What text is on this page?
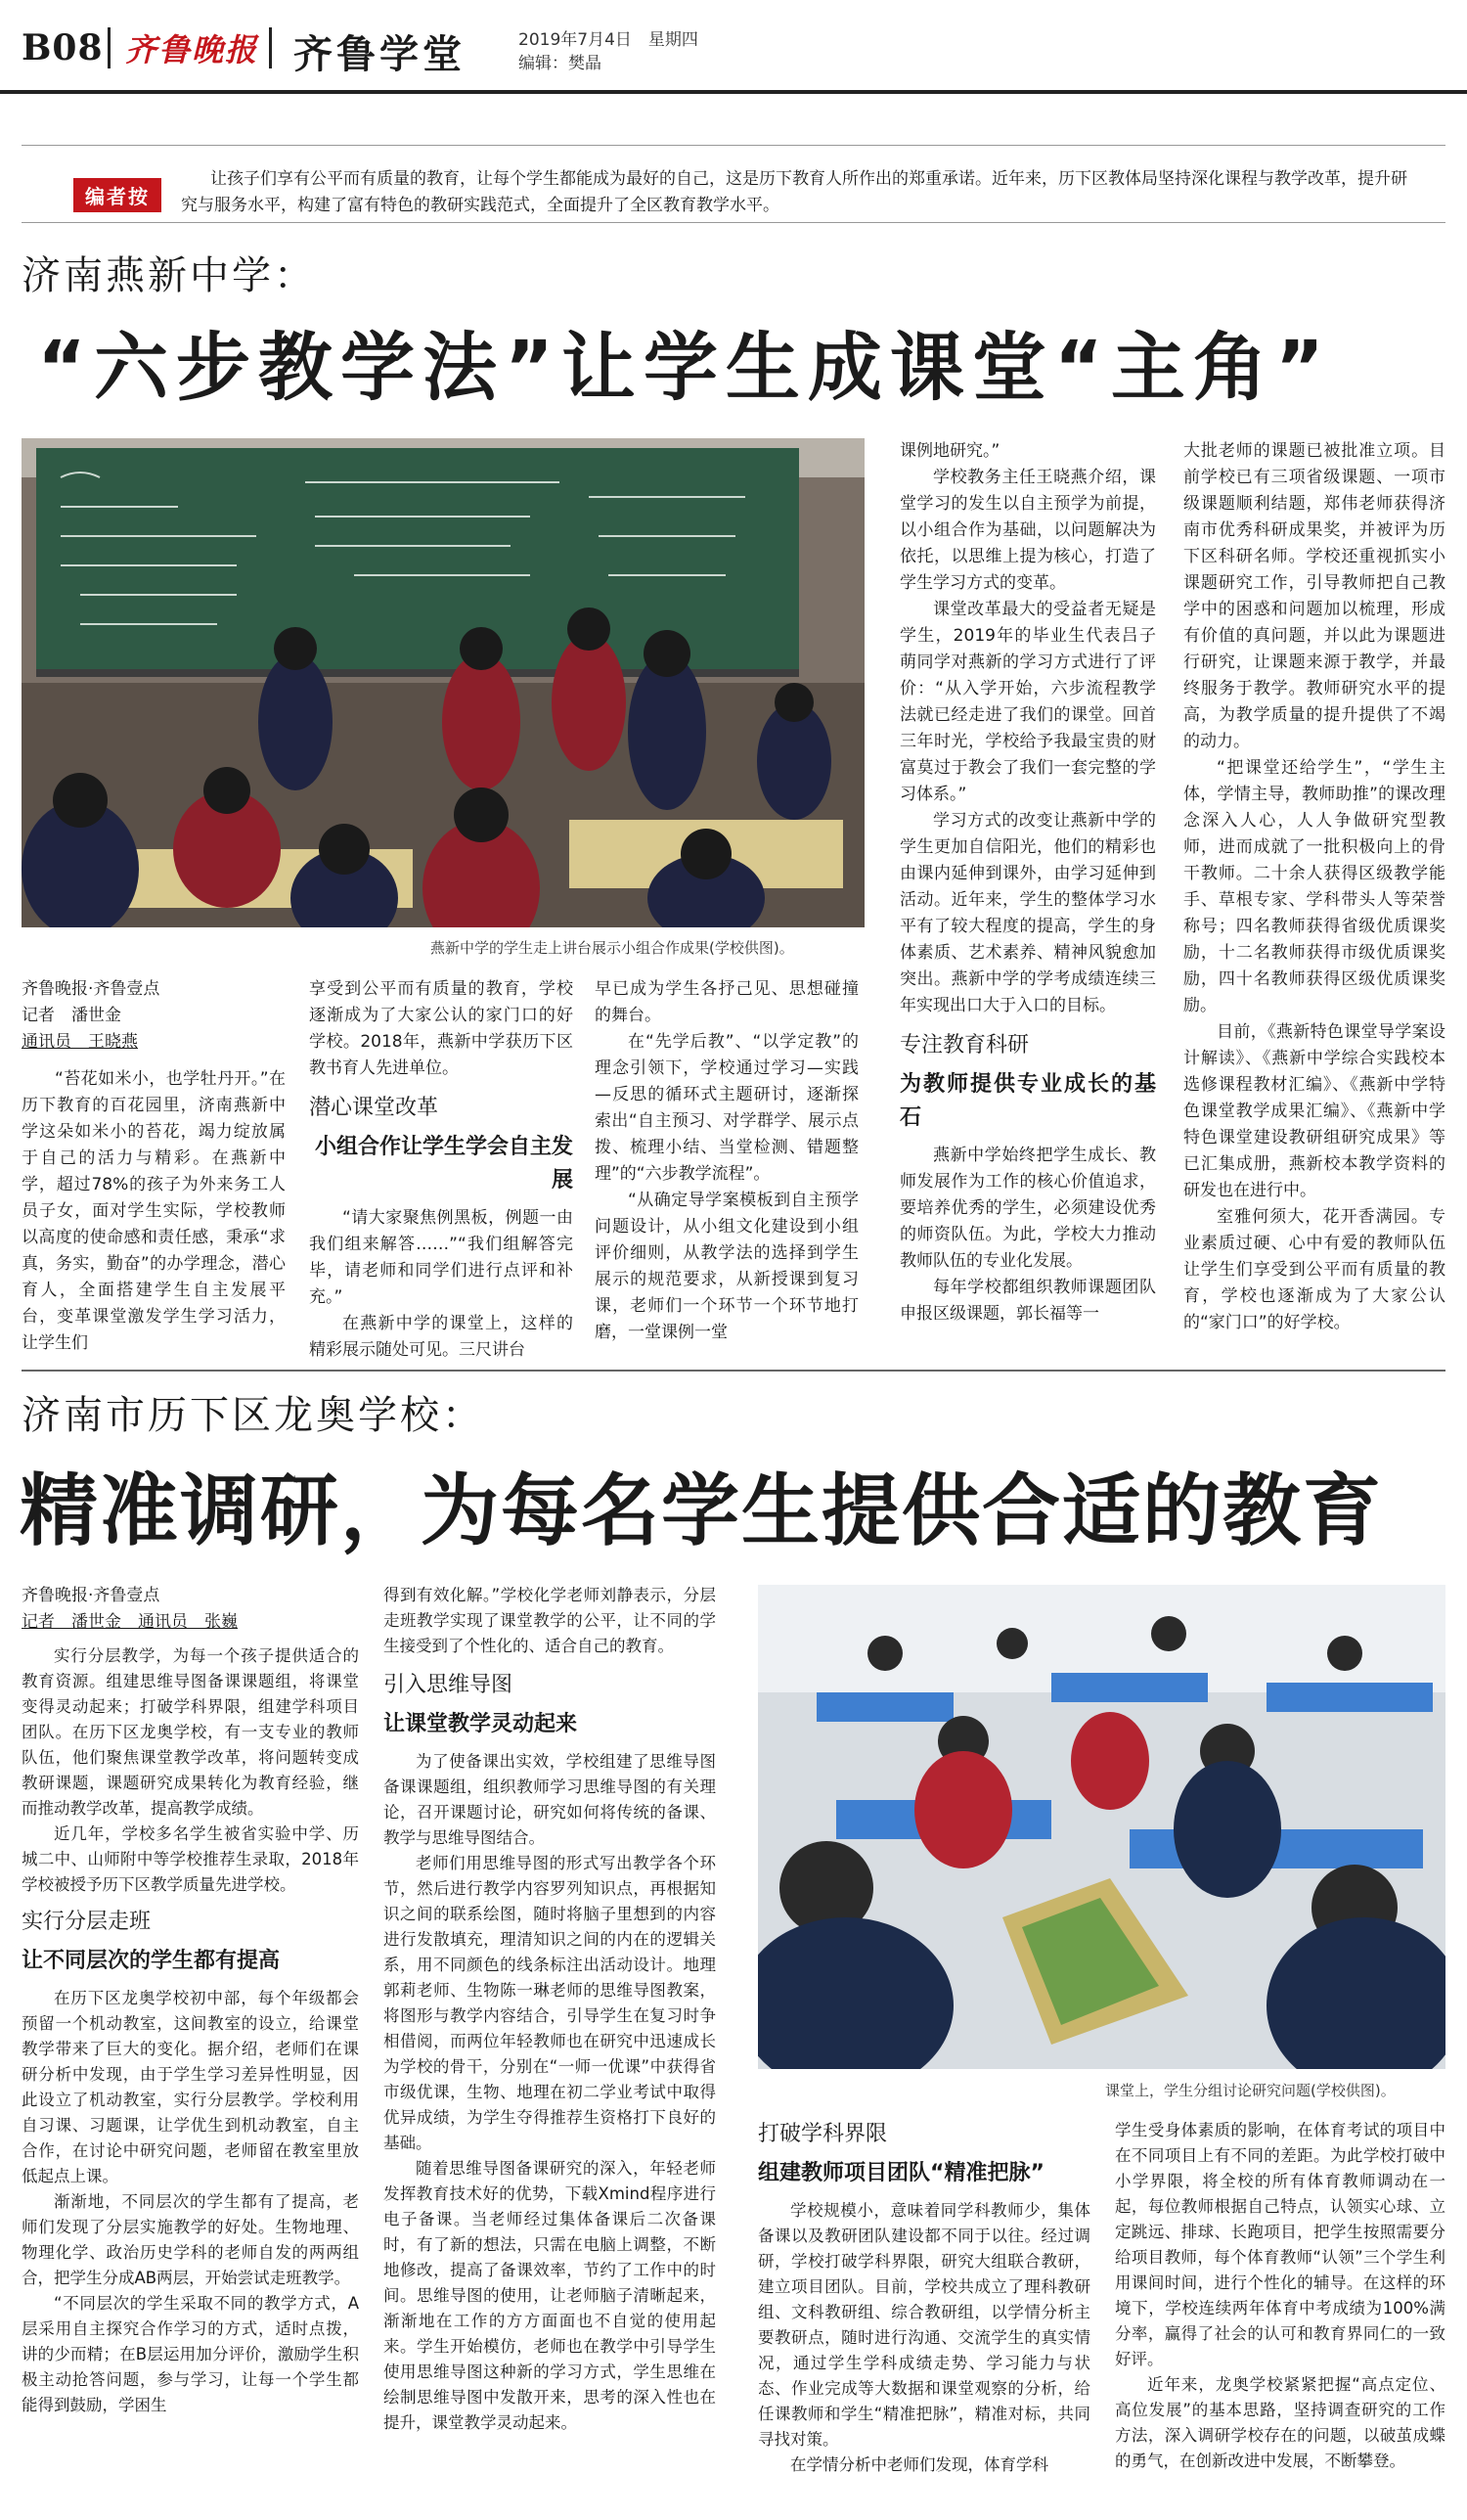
B08 齐鲁晚报 齐鲁学堂	2019年7月4日　星期四
编辑：樊晶
编者按
让孩子们享有公平而有质量的教育，让每个学生都能成为最好的自己，这是历下教育人所作出的郑重承诺。近年来，历下区教体局坚持深化课程与教学改革，提升研究与服务水平，构建了富有特色的教研实践范式，全面提升了全区教育教学水平。
济南燕新中学：
“六步教学法”让学生成课堂“主角”
燕新中学的学生走上讲台展示小组合作成果(学校供图)。
齐鲁晚报·齐鲁壹点
记者　潘世金
通讯员　王晓燕

“苔花如米小，也学牡丹开。”在历下教育的百花园里，济南燕新中学这朵如米小的苔花，竭力绽放属于自己的活力与精彩。在燕新中学，超过78%的孩子为外来务工人员子女，面对学生实际，学校教师以高度的使命感和责任感，秉承“求真，务实，勤奋”的办学理念，潜心育人，全面搭建学生自主发展平台，变革课堂激发学生学习活力，让学生们

享受到公平而有质量的教育，学校逐渐成为了大家公认的家门口的好学校。2018年，燕新中学获历下区教书育人先进单位。
潜心课堂改革
小组合作让学生学会自主发展

“请大家聚焦例黑板，例题一由我们组来解答……”“我们组解答完毕，请老师和同学们进行点评和补充。”

在燕新中学的课堂上，这样的精彩展示随处可见。三尺讲台

早已成为学生各抒己见、思想碰撞的舞台。

在“先学后教”、“以学定教”的理念引领下，学校通过学习—实践—反思的循环式主题研讨，逐渐探索出“自主预习、对学群学、展示点拨、梳理小结、当堂检测、错题整理”的“六步教学流程”。

“从确定导学案模板到自主预学问题设计，从小组文化建设到小组评价细则，从教学法的选择到学生展示的规范要求，从新授课到复习课，老师们一个环节一个环节地打磨，一堂课例一堂

课例地研究。”

学校教务主任王晓燕介绍，课堂学习的发生以自主预学为前提，以小组合作为基础，以问题解决为依托，以思维上提为核心，打造了学生学习方式的变革。

课堂改革最大的受益者无疑是学生，2019年的毕业生代表吕子萌同学对燕新的学习方式进行了评价：“从入学开始，六步流程教学法就已经走进了我们的课堂。回首三年时光，学校给予我最宝贵的财富莫过于教会了我们一套完整的学习体系。”

学习方式的改变让燕新中学的学生更加自信阳光，他们的精彩也由课内延伸到课外，由学习延伸到活动。近年来，学生的整体学习水平有了较大程度的提高，学生的身体素质、艺术素养、精神风貌愈加突出。燕新中学的学考成绩连续三年实现出口大于入口的目标。

专注教育科研
为教师提供专业成长的基石

燕新中学始终把学生成长、教师发展作为工作的核心价值追求，要培养优秀的学生，必须建设优秀的师资队伍。为此，学校大力推动教师队伍的专业化发展。

每年学校都组织教师课题团队申报区级课题，郭长福等一

大批老师的课题已被批准立项。目前学校已有三项省级课题、一项市级课题顺利结题，郑伟老师获得济南市优秀科研成果奖，并被评为历下区科研名师。学校还重视抓实小课题研究工作，引导教师把自己教学中的困惑和问题加以梳理，形成有价值的真问题，并以此为课题进行研究，让课题来源于教学，并最终服务于教学。教师研究水平的提高，为教学质量的提升提供了不竭的动力。

“把课堂还给学生”，“学生主体，学情主导，教师助推”的课改理念深入人心，人人争做研究型教师，进而成就了一批积极向上的骨干教师。二十余人获得区级教学能手、草根专家、学科带头人等荣誉称号；四名教师获得省级优质课奖励，十二名教师获得市级优质课奖励，四十名教师获得区级优质课奖励。

目前，《燕新特色课堂导学案设计解读》、《燕新中学综合实践校本选修课程教材汇编》、《燕新中学特色课堂教学成果汇编》、《燕新中学特色课堂建设教研组研究成果》等已汇集成册，燕新校本教学资料的研发也在进行中。

室雅何须大，花开香满园。专业素质过硬、心中有爱的教师队伍让学生们享受到公平而有质量的教育，学校也逐渐成为了大家公认的“家门口”的好学校。

济南市历下区龙奥学校：
精准调研，为每名学生提供合适的教育
课堂上，学生分组讨论研究问题(学校供图)。
齐鲁晚报·齐鲁壹点
记者　潘世金　通讯员　张巍

实行分层教学，为每一个孩子提供适合的教育资源。组建思维导图备课课题组，将课堂变得灵动起来；打破学科界限，组建学科项目团队。在历下区龙奥学校，有一支专业的教师队伍，他们聚焦课堂教学改革，将问题转变成教研课题，课题研究成果转化为教育经验，继而推动教学改革，提高教学成绩。

近几年，学校多名学生被省实验中学、历城二中、山师附中等学校推荐生录取，2018年学校被授予历下区教学质量先进学校。

实行分层走班
让不同层次的学生都有提高

在历下区龙奥学校初中部，每个年级都会预留一个机动教室，这间教室的设立，给课堂教学带来了巨大的变化。据介绍，老师们在课研分析中发现，由于学生学习差异性明显，因此设立了机动教室，实行分层教学。学校利用自习课、习题课，让学优生到机动教室，自主合作，在讨论中研究问题，老师留在教室里放低起点上课。

渐渐地，不同层次的学生都有了提高，老师们发现了分层实施教学的好处。生物地理、物理化学、政治历史学科的老师自发的两两组合，把学生分成AB两层，开始尝试走班教学。

“不同层次的学生采取不同的教学方式，A层采用自主探究合作学习的方式，适时点拨，讲的少而精；在B层运用加分评价，激励学生积极主动抢答问题，参与学习，让每一个学生都能得到鼓励，学困生

得到有效化解。”学校化学老师刘静表示，分层走班教学实现了课堂教学的公平，让不同的学生接受到了个性化的、适合自己的教育。
引入思维导图
让课堂教学灵动起来

为了使备课出实效，学校组建了思维导图备课课题组，组织教师学习思维导图的有关理论，召开课题讨论，研究如何将传统的备课、教学与思维导图结合。

老师们用思维导图的形式写出教学各个环节，然后进行教学内容罗列知识点，再根据知识之间的联系绘图，随时将脑子里想到的内容进行发散填充，理清知识之间的内在的逻辑关系，用不同颜色的线条标注出活动设计。地理郭莉老师、生物陈一琳老师的思维导图教案，将图形与教学内容结合，引导学生在复习时争相借阅，而两位年轻教师也在研究中迅速成长为学校的骨干，分别在“一师一优课”中获得省市级优课，生物、地理在初二学业考试中取得优异成绩，为学生夺得推荐生资格打下良好的基础。

随着思维导图备课研究的深入，年轻老师发挥教育技术好的优势，下载Xmind程序进行电子备课。当老师经过集体备课后二次备课时，有了新的想法，只需在电脑上调整，不断地修改，提高了备课效率，节约了工作中的时间。思维导图的使用，让老师脑子清晰起来，渐渐地在工作的方方面面也不自觉的使用起来。学生开始模仿，老师也在教学中引导学生使用思维导图这种新的学习方式，学生思维在绘制思维导图中发散开来，思考的深入性也在提升，课堂教学灵动起来。

打破学科界限
组建教师项目团队“精准把脉”

学校规模小，意味着同学科教师少，集体备课以及教研团队建设都不同于以往。经过调研，学校打破学科界限，研究大组联合教研，建立项目团队。目前，学校共成立了理科教研组、文科教研组、综合教研组，以学情分析主要教研点，随时进行沟通、交流学生的真实情况，通过学生学科成绩走势、学习能力与状态、作业完成等大数据和课堂观察的分析，给任课教师和学生“精准把脉”，精准对标，共同寻找对策。

在学情分析中老师们发现，体育学科

学生受身体素质的影响，在体育考试的项目中在不同项目上有不同的差距。为此学校打破中小学界限，将全校的所有体育教师调动在一起，每位教师根据自己特点，认领实心球、立定跳远、排球、长跑项目，把学生按照需要分给项目教师，每个体育教师“认领”三个学生利用课间时间，进行个性化的辅导。在这样的环境下，学校连续两年体育中考成绩为100%满分率，赢得了社会的认可和教育界同仁的一致好评。

近年来，龙奥学校紧紧把握“高点定位、高位发展”的基本思路，坚持调查研究的工作方法，深入调研学校存在的问题，以破茧成蝶的勇气，在创新改进中发展，不断攀登。
